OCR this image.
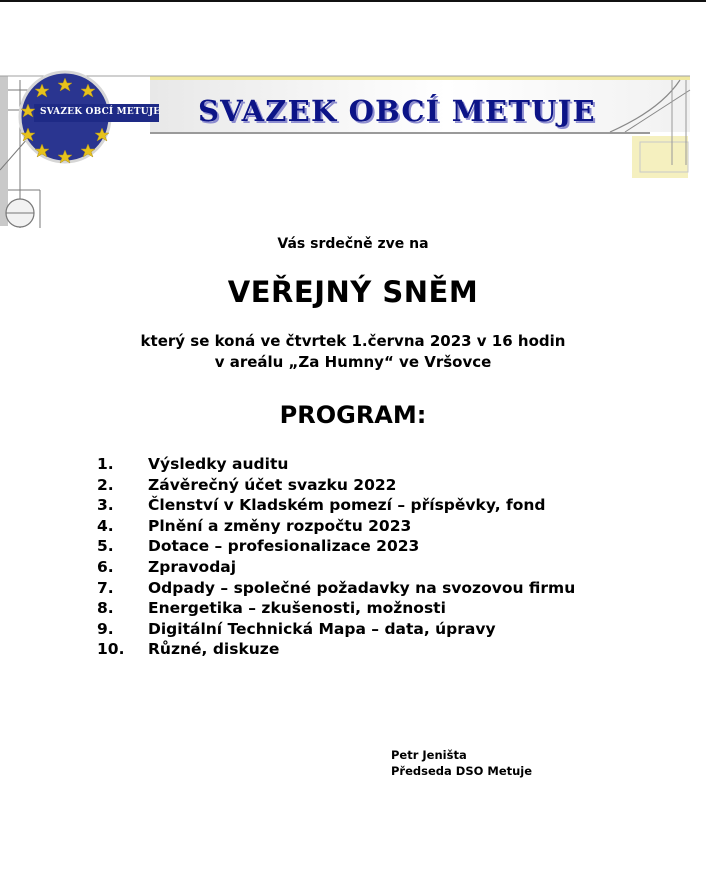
SVAZEK OBCÍ METUJE	SVAZEK OBCÍ METUJE
Vás srdečně zve na
VEŘEJNÝ SNĚM
který se koná ve čtvrtek 1.června 2023 v 16 hodin
v areálu „Za Humny“ ve Vršovce
PROGRAM:
1.	Výsledky auditu
2.	Závěrečný účet svazku 2022
3.	Členství v Kladském pomezí – příspěvky, fond
4.	Plnění a změny rozpočtu 2023
5.	Dotace – profesionalizace 2023
6.	Zpravodaj
7.	Odpady – společné požadavky na svozovou firmu
8.	Energetika – zkušenosti, možnosti
9.	Digitální Technická Mapa – data, úpravy
10.	Různé, diskuze
Petr Jeništa
Předseda DSO Metuje
